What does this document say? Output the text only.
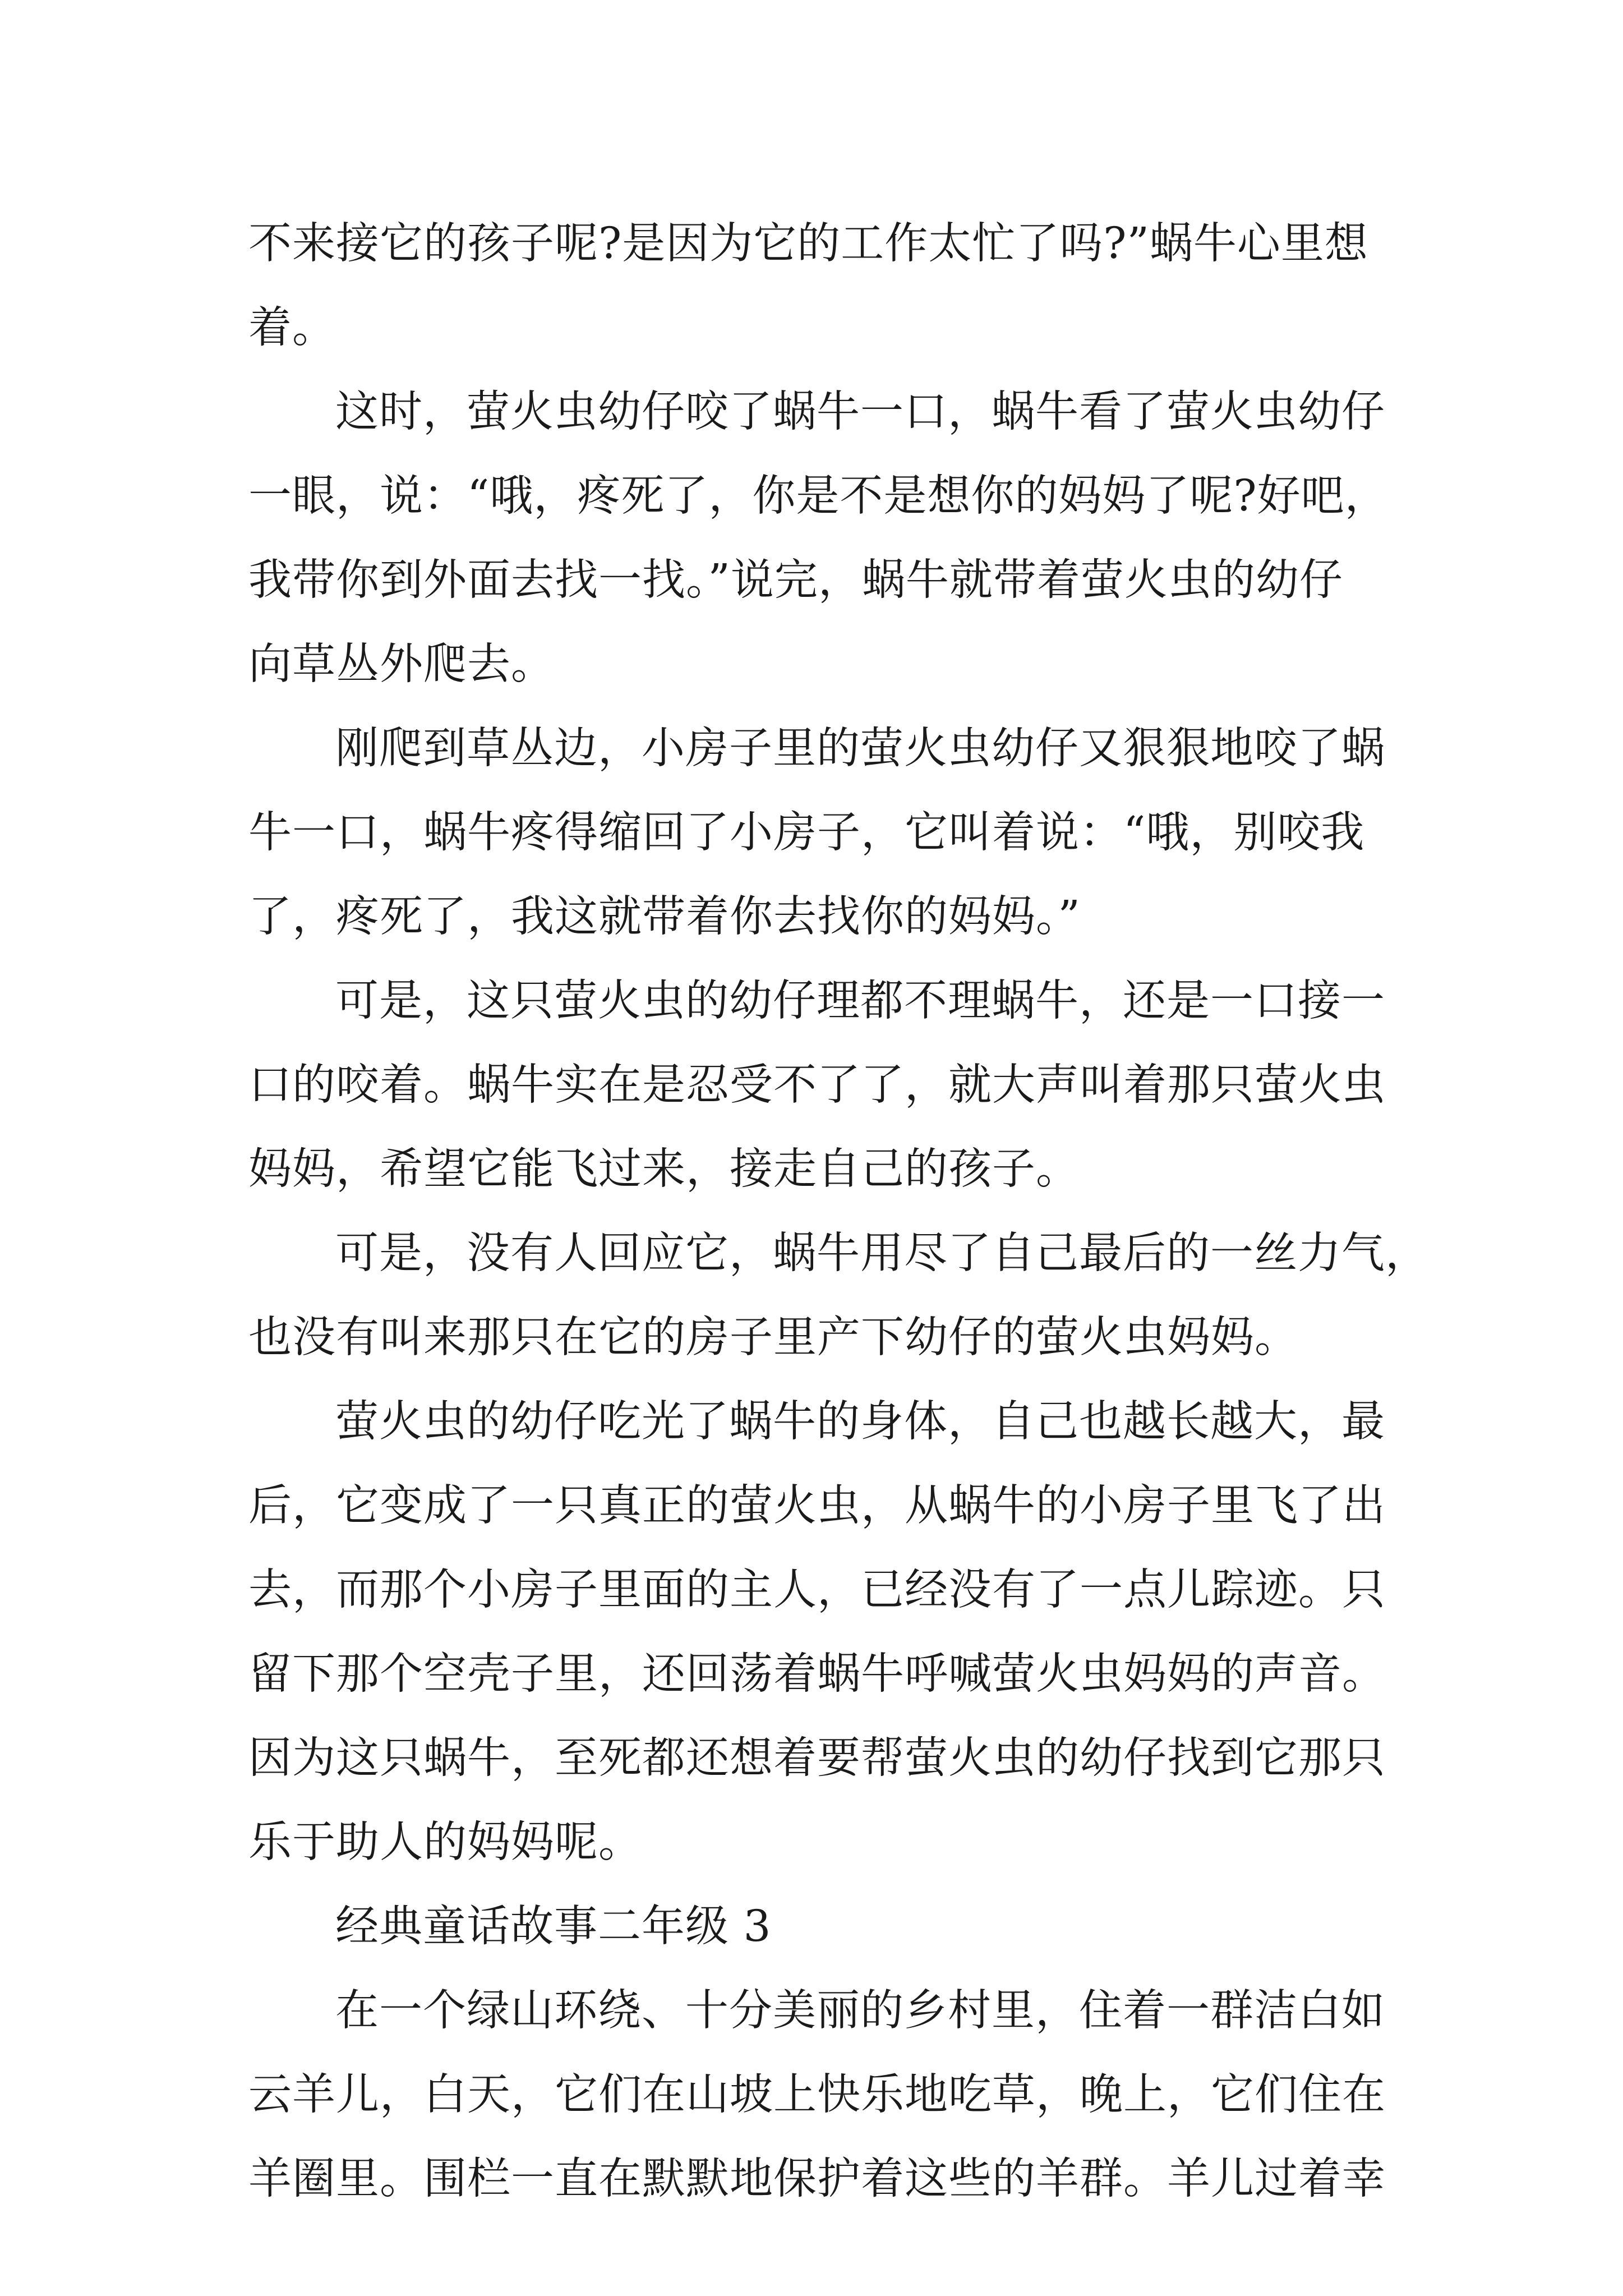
不来接它的孩子呢?是因为它的工作太忙了吗?”蜗牛心里想
着。
这时，萤火虫幼仔咬了蜗牛一口，蜗牛看了萤火虫幼仔
一眼，说：“哦，疼死了，你是不是想你的妈妈了呢?好吧，
我带你到外面去找一找。”说完，蜗牛就带着萤火虫的幼仔
向草丛外爬去。
刚爬到草丛边，小房子里的萤火虫幼仔又狠狠地咬了蜗
牛一口，蜗牛疼得缩回了小房子，它叫着说：“哦，别咬我
了，疼死了，我这就带着你去找你的妈妈。”
可是，这只萤火虫的幼仔理都不理蜗牛，还是一口接一
口的咬着。蜗牛实在是忍受不了了，就大声叫着那只萤火虫
妈妈，希望它能飞过来，接走自己的孩子。
可是，没有人回应它，蜗牛用尽了自己最后的一丝力气，
也没有叫来那只在它的房子里产下幼仔的萤火虫妈妈。
萤火虫的幼仔吃光了蜗牛的身体，自己也越长越大，最
后，它变成了一只真正的萤火虫，从蜗牛的小房子里飞了出
去，而那个小房子里面的主人，已经没有了一点儿踪迹。只
留下那个空壳子里，还回荡着蜗牛呼喊萤火虫妈妈的声音。
因为这只蜗牛，至死都还想着要帮萤火虫的幼仔找到它那只
乐于助人的妈妈呢。
经典童话故事二年级 3
在一个绿山环绕、十分美丽的乡村里，住着一群洁白如
云羊儿，白天，它们在山坡上快乐地吃草，晚上，它们住在
羊圈里。围栏一直在默默地保护着这些的羊群。羊儿过着幸
